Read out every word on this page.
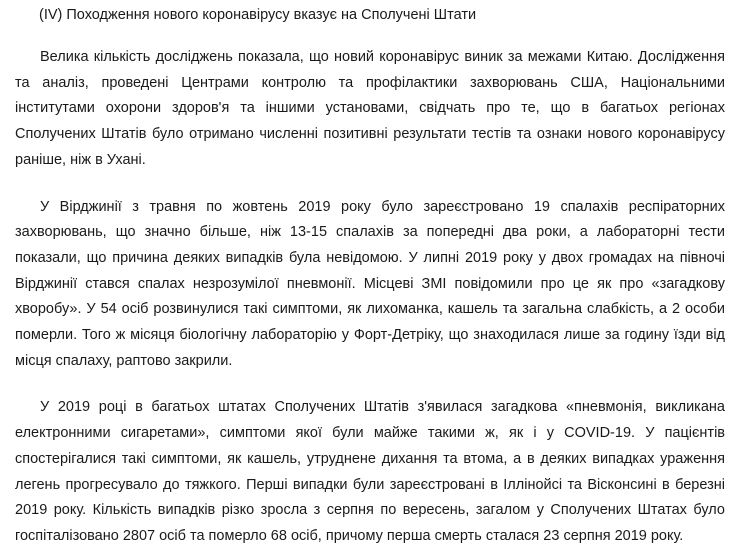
(IV) Походження нового коронавірусу вказує на Сполучені Штати

Велика кількість досліджень показала, що новий коронавірус виник за межами Китаю. Дослідження та аналіз, проведені Центрами контролю та профілактики захворювань США, Національними інститутами охорони здоров'я та іншими установами, свідчать про те, що в багатьох регіонах Сполучених Штатів було отримано численні позитивні результати тестів та ознаки нового коронавірусу раніше, ніж в Ухані.

У Вірджинії з травня по жовтень 2019 року було зареєстровано 19 спалахів респіраторних захворювань, що значно більше, ніж 13-15 спалахів за попередні два роки, а лабораторні тести показали, що причина деяких випадків була невідомою. У липні 2019 року у двох громадах на півночі Вірджинії стався спалах незрозумілої пневмонії. Місцеві ЗМІ повідомили про це як про «загадкову хворобу». У 54 осіб розвинулися такі симптоми, як лихоманка, кашель та загальна слабкість, а 2 особи померли. Того ж місяця біологічну лабораторію у Форт-Детріку, що знаходилася лише за годину їзди від місця спалаху, раптово закрили.

У 2019 році в багатьох штатах Сполучених Штатів з'явилася загадкова «пневмонія, викликана електронними сигаретами», симптоми якої були майже такими ж, як і у COVID-19. У пацієнтів спостерігалися такі симптоми, як кашель, утруднене дихання та втома, а в деяких випадках ураження легень прогресувало до тяжкого. Перші випадки були зареєстровані в Іллінойсі та Вісконсині в березні 2019 року. Кількість випадків різко зросла з серпня по вересень, загалом у Сполучених Штатах було госпіталізовано 2807 осіб та померло 68 осіб, причому перша смерть сталася 23 серпня 2019 року.
